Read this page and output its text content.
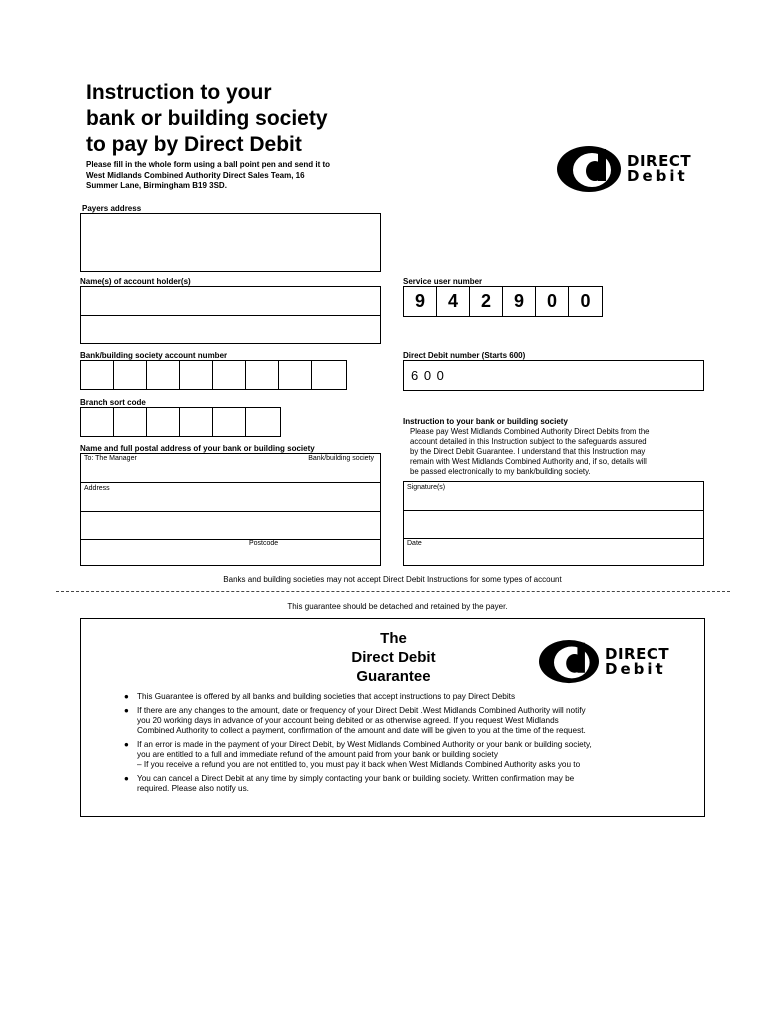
Instruction to your
bank or building society
to pay by Direct Debit
Please fill in the whole form using a ball point pen and send it to
West Midlands Combined Authority Direct Sales Team, 16
Summer Lane, Birmingham B19 3SD.
DIRECT
Debit
Payers address
Name(s) of account holder(s)	Service user number
9	4	2	9	0	0
Bank/building society account number	Direct Debit number (Starts 600)
6 0 0
Branch sort code
Instruction to your bank or building society
Please pay West Midlands Combined Authority Direct Debits from the
account detailed in this Instruction subject to the safeguards assured
by the Direct Debit Guarantee. I understand that this Instruction may
remain with West Midlands Combined Authority and, if so, details will
be passed electronically to my bank/building society.
Name and full postal address of your bank or building society
To: The Manager	Bank/building society
Address
Postcode
Signature(s)
Date
Banks and building societies may not accept Direct Debit Instructions for some types of account
This guarantee should be detached and retained by the payer.
The
Direct Debit
Guarantee
DIRECT
Debit
● This Guarantee is offered by all banks and building societies that accept instructions to pay Direct Debits
● If there are any changes to the amount, date or frequency of your Direct Debit .West Midlands Combined Authority will notify
you 20 working days in advance of your account being debited or as otherwise agreed. If you request West Midlands
Combined Authority to collect a payment, confirmation of the amount and date will be given to you at the time of the request.
● If an error is made in the payment of your Direct Debit, by West Midlands Combined Authority or your bank or building society,
you are entitled to a full and immediate refund of the amount paid from your bank or building society
– If you receive a refund you are not entitled to, you must pay it back when West Midlands Combined Authority asks you to
● You can cancel a Direct Debit at any time by simply contacting your bank or building society. Written confirmation may be
required. Please also notify us.
